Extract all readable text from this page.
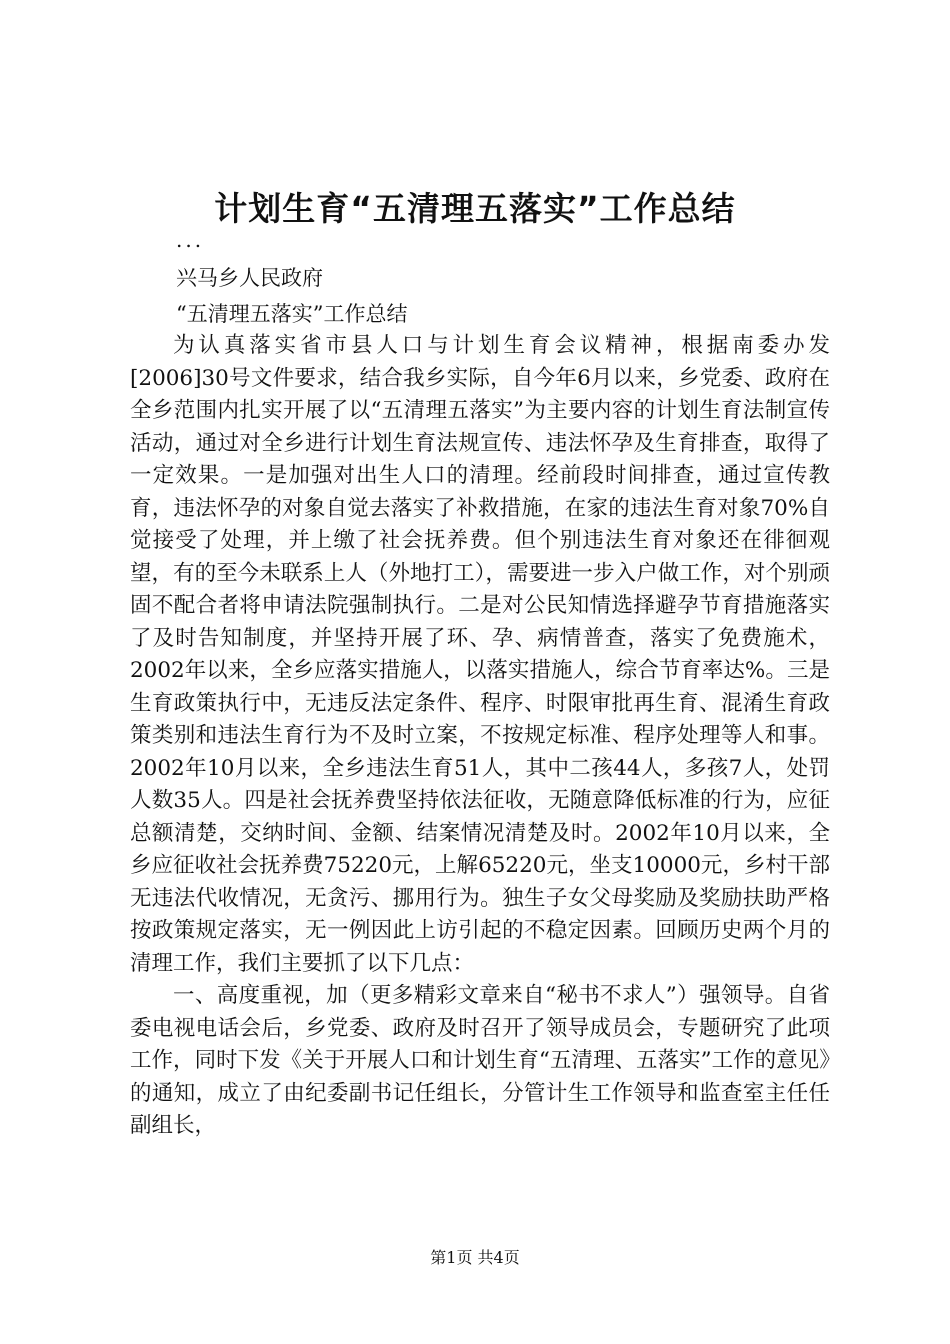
计划生育“五清理五落实”工作总结
...
兴马乡人民政府
“五清理五落实”工作总结

为认真落实省市县人口与计划生育会议精神，根据南委办发[2006]30号文件要求，结合我乡实际，自今年6月以来，乡党委、政府在全乡范围内扎实开展了以“五清理五落实”为主要内容的计划生育法制宣传活动，通过对全乡进行计划生育法规宣传、违法怀孕及生育排查，取得了一定效果。一是加强对出生人口的清理。经前段时间排查，通过宣传教育，违法怀孕的对象自觉去落实了补救措施，在家的违法生育对象70%自觉接受了处理，并上缴了社会抚养费。但个别违法生育对象还在徘徊观望，有的至今未联系上人（外地打工），需要进一步入户做工作，对个别顽固不配合者将申请法院强制执行。二是对公民知情选择避孕节育措施落实了及时告知制度，并坚持开展了环、孕、病情普查，落实了免费施术，2002年以来，全乡应落实措施人，以落实措施人，综合节育率达%。三是生育政策执行中，无违反法定条件、程序、时限审批再生育、混淆生育政策类别和违法生育行为不及时立案，不按规定标准、程序处理等人和事。2002年10月以来，全乡违法生育51人，其中二孩44人，多孩7人，处罚人数35人。四是社会抚养费坚持依法征收，无随意降低标准的行为，应征总额清楚，交纳时间、金额、结案情况清楚及时。2002年10月以来，全乡应征收社会抚养费75220元，上解65220元，坐支10000元，乡村干部无违法代收情况，无贪污、挪用行为。独生子女父母奖励及奖励扶助严格按政策规定落实，无一例因此上访引起的不稳定因素。回顾历史两个月的清理工作，我们主要抓了以下几点：

一、高度重视，加（更多精彩文章来自“秘书不求人”）强领导。自省委电视电话会后，乡党委、政府及时召开了领导成员会，专题研究了此项工作，同时下发《关于开展人口和计划生育“五清理、五落实”工作的意见》的通知，成立了由纪委副书记任组长，分管计生工作领导和监查室主任任副组长，

第1页 共4页
